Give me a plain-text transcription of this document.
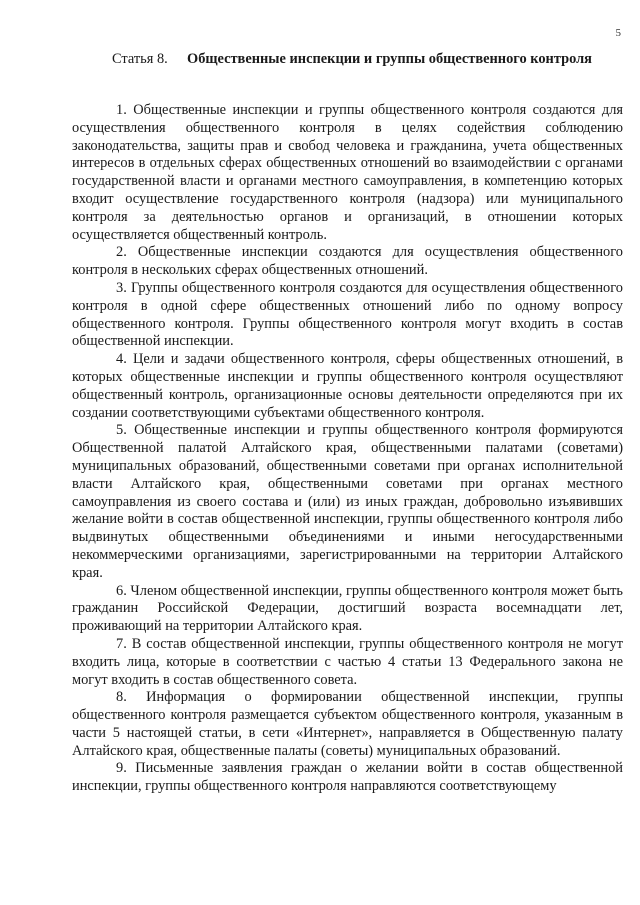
5
Статья 8.	Общественные инспекции и группы общественного контроля

1. Общественные инспекции и группы общественного контроля создаются для осуществления общественного контроля в целях содействия соблюдению законодательства, защиты прав и свобод человека и гражданина, учета общественных интересов в отдельных сферах общественных отношений во взаимодействии с органами государственной власти и органами местного самоуправления, в компетенцию которых входит осуществление государственного контроля (надзора) или муниципального контроля за деятельностью органов и организаций, в отношении которых осуществляется общественный контроль.

2. Общественные инспекции создаются для осуществления общественного контроля в нескольких сферах общественных отношений.

3. Группы общественного контроля создаются для осуществления общественного контроля в одной сфере общественных отношений либо по одному вопросу общественного контроля. Группы общественного контроля могут входить в состав общественной инспекции.

4. Цели и задачи общественного контроля, сферы общественных отношений, в которых общественные инспекции и группы общественного контроля осуществляют общественный контроль, организационные основы деятельности определяются при их создании соответствующими субъектами общественного контроля.

5. Общественные инспекции и группы общественного контроля формируются Общественной палатой Алтайского края, общественными палатами (советами) муниципальных образований, общественными советами при органах исполнительной власти Алтайского края, общественными советами при органах местного самоуправления из своего состава и (или) из иных граждан, добровольно изъявивших желание войти в состав общественной инспекции, группы общественного контроля либо выдвинутых общественными объединениями и иными негосударственными некоммерческими организациями, зарегистрированными на территории Алтайского края.

6. Членом общественной инспекции, группы общественного контроля может быть гражданин Российской Федерации, достигший возраста восемнадцати лет, проживающий на территории Алтайского края.

7. В состав общественной инспекции, группы общественного контроля не могут входить лица, которые в соответствии с частью 4 статьи 13 Федерального закона не могут входить в состав общественного совета.

8. Информация о формировании общественной инспекции, группы общественного контроля размещается субъектом общественного контроля, указанным в части 5 настоящей статьи, в сети «Интернет», направляется в Общественную палату Алтайского края, общественные палаты (советы) муниципальных образований.

9. Письменные заявления граждан о желании войти в состав общественной инспекции, группы общественного контроля направляются соответствующему
